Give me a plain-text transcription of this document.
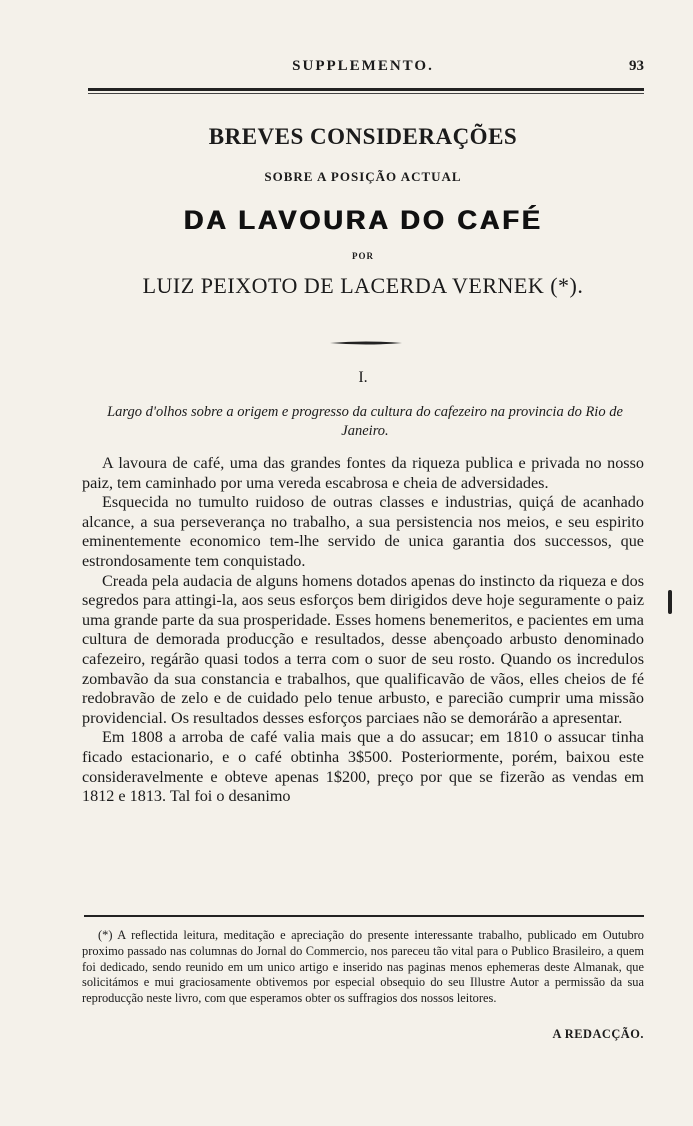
SUPPLEMENTO.	93
BREVES CONSIDERAÇÕES
SOBRE A POSIÇÃO ACTUAL
DA LAVOURA DO CAFÉ
POR
LUIZ PEIXOTO DE LACERDA VERNEK (*).
I.
Largo d'olhos sobre a origem e progresso da cultura do cafezeiro na provincia do Rio de Janeiro.

A lavoura de café, uma das grandes fontes da riqueza publica e privada no nosso paiz, tem caminhado por uma vereda escabrosa e cheia de adversidades.

Esquecida no tumulto ruidoso de outras classes e industrias, quiçá de acanhado alcance, a sua perseverança no trabalho, a sua persistencia nos meios, e seu espirito eminentemente economico tem-lhe servido de unica garantia dos successos, que estrondosamente tem conquistado.

Creada pela audacia de alguns homens dotados apenas do instincto da riqueza e dos segredos para attingi-la, aos seus esforços bem dirigidos deve hoje seguramente o paiz uma grande parte da sua prosperidade. Esses homens benemeritos, e pacientes em uma cultura de demorada producção e resultados, desse abençoado arbusto denominado cafezeiro, regárão quasi todos a terra com o suor de seu rosto. Quando os incredulos zombavão da sua constancia e trabalhos, que qualificavão de vãos, elles cheios de fé redobravão de zelo e de cuidado pelo tenue arbusto, e parecião cumprir uma missão providencial. Os resultados desses esforços parciaes não se demorárão a apresentar.

Em 1808 a arroba de café valia mais que a do assucar; em 1810 o assucar tinha ficado estacionario, e o café obtinha 3$500. Posteriormente, porém, baixou este consideravelmente e obteve apenas 1$200, preço por que se fizerão as vendas em 1812 e 1813. Tal foi o desanimo

(*) A reflectida leitura, meditação e apreciação do presente interessante trabalho, publicado em Outubro proximo passado nas columnas do Jornal do Commercio, nos pareceu tão vital para o Publico Brasileiro, a quem foi dedicado, sendo reunido em um unico artigo e inserido nas paginas menos ephemeras deste Almanak, que solicitámos e mui graciosamente obtivemos por especial obsequio do seu Illustre Autor a permissão da sua reproducção neste livro, com que esperamos obter os suffragios dos nossos leitores.

A REDACÇÃO.
